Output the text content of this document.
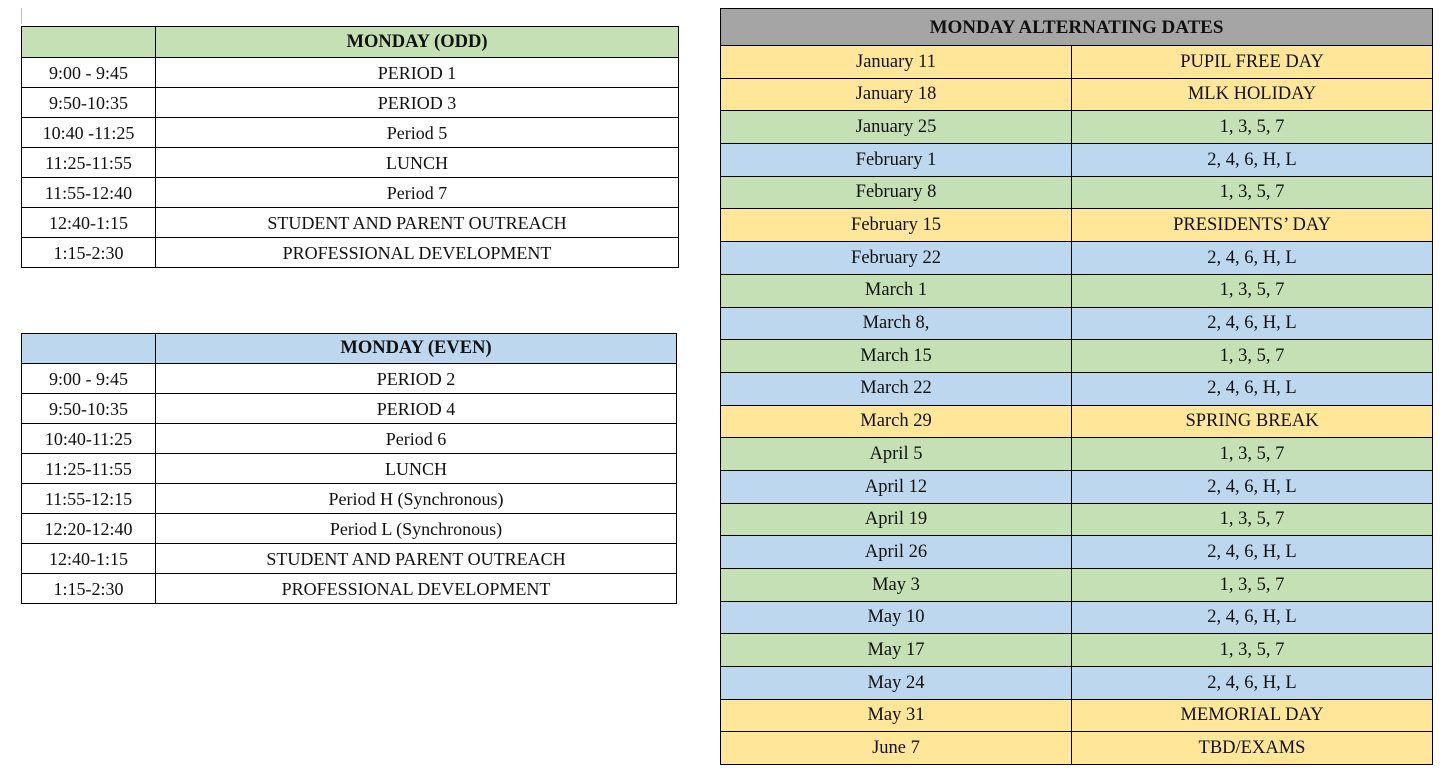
	MONDAY (ODD)
9:00 - 9:45	PERIOD 1
9:50-10:35	PERIOD 3
10:40 -11:25	Period 5
11:25-11:55	LUNCH
11:55-12:40	Period 7
12:40-1:15	STUDENT AND PARENT OUTREACH
1:15-2:30	PROFESSIONAL DEVELOPMENT
	MONDAY (EVEN)
9:00 - 9:45	PERIOD 2
9:50-10:35	PERIOD 4
10:40-11:25	Period 6
11:25-11:55	LUNCH
11:55-12:15	Period H (Synchronous)
12:20-12:40	Period L (Synchronous)
12:40-1:15	STUDENT AND PARENT OUTREACH
1:15-2:30	PROFESSIONAL DEVELOPMENT
MONDAY ALTERNATING DATES	
January 11	PUPIL FREE DAY
January 18	MLK HOLIDAY
January 25	1, 3, 5, 7
February 1	2, 4, 6, H, L
February 8	1, 3, 5, 7
February 15	PRESIDENTS’ DAY
February 22	2, 4, 6, H, L
March 1	1, 3, 5, 7
March 8,	2, 4, 6, H, L
March 15	1, 3, 5, 7
March 22	2, 4, 6, H, L
March 29	SPRING BREAK
April 5	1, 3, 5, 7
April 12	2, 4, 6, H, L
April 19	1, 3, 5, 7
April 26	2, 4, 6, H, L
May 3	1, 3, 5, 7
May 10	2, 4, 6, H, L
May 17	1, 3, 5, 7
May 24	2, 4, 6, H, L
May 31	MEMORIAL DAY
June 7	TBD/EXAMS
